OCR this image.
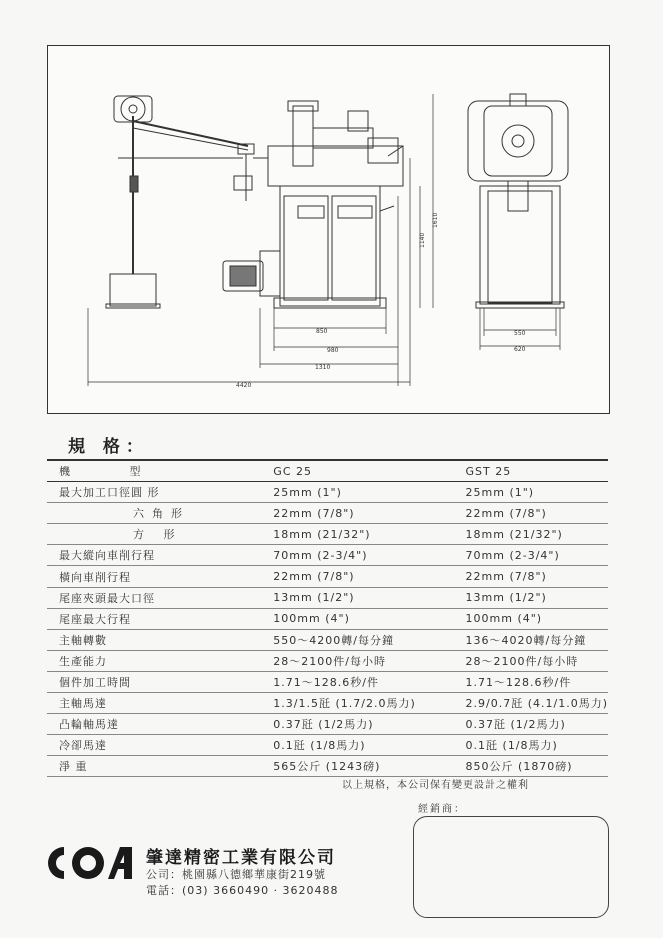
850
980
1310
4420
1140
1610
550
620
規 格：
機 型	GC 25	GST 25
最大加工口徑圓 形	25mm (1")	25mm (1")
六角形	22mm (7/8")	22mm (7/8")
方 形	18mm (21/32")	18mm (21/32")
最大縱向車削行程	70mm (2-3/4")	70mm (2-3/4")
橫向車削行程	22mm (7/8")	22mm (7/8")
尾座夾頭最大口徑	13mm (1/2")	13mm (1/2")
尾座最大行程	100mm (4")	100mm (4")
主軸轉數	550～4200轉/每分鐘	136～4020轉/每分鐘
生產能力	28～2100件/每小時	28～2100件/每小時
個件加工時間	1.71～128.6秒/件	1.71～128.6秒/件
主軸馬達	1.3/1.5瓩 (1.7/2.0馬力)	2.9/0.7瓩 (4.1/1.0馬力)
凸輪軸馬達	0.37瓩 (1/2馬力)	0.37瓩 (1/2馬力)
冷卻馬達	0.1瓩 (1/8馬力)	0.1瓩 (1/8馬力)
淨 重	565公斤 (1243磅)	850公斤 (1870磅)
以上規格，本公司保有變更設計之權利
經銷商：
肇達精密工業有限公司
公司：桃園縣八德鄉華康街219號
電話：(03) 3660490 · 3620488
